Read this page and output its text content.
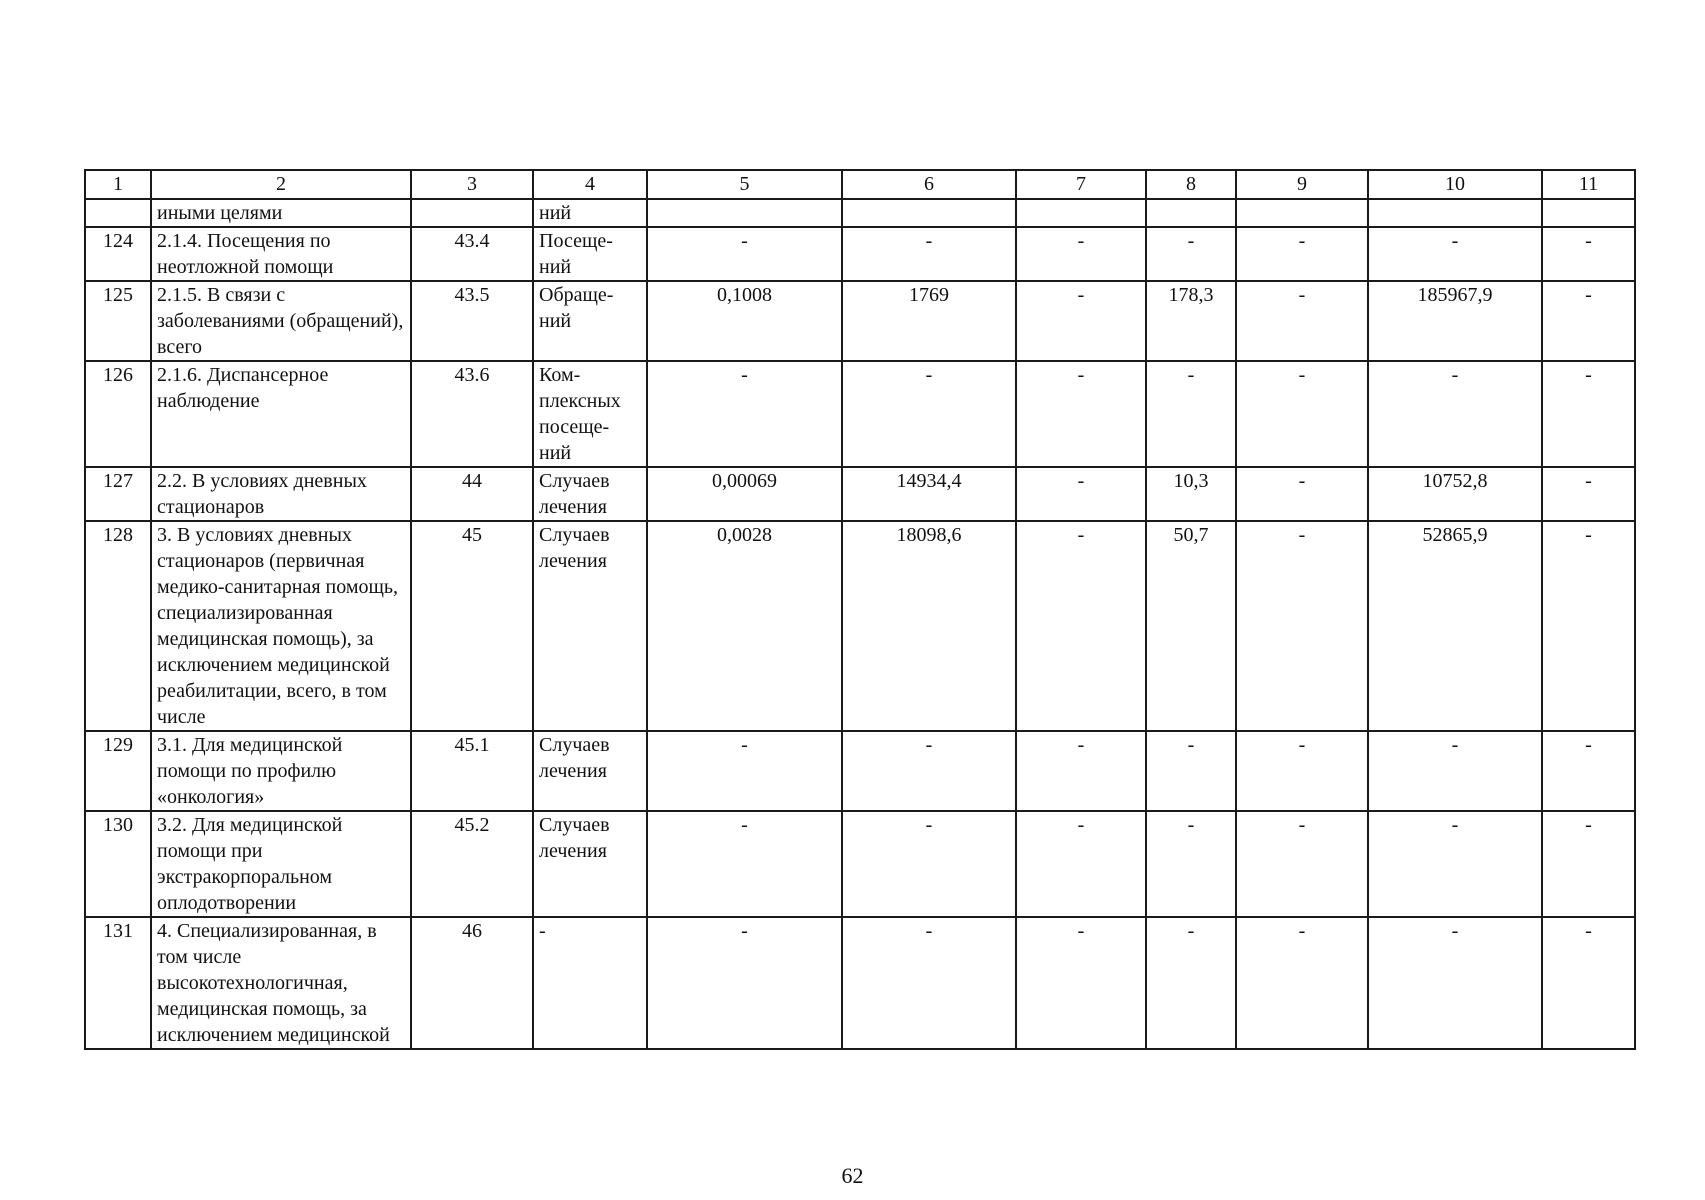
1	2	3	4	5	6	7	8	9	10	11
	иными целями		ний							
124	2.1.4. Посещения по неотложной помощи	43.4	Посеще-ний	-	-	-	-	-	-	-
125	2.1.5. В связи с заболеваниями (обращений), всего	43.5	Обраще-ний	0,1008	1769	-	178,3	-	185967,9	-
126	2.1.6. Диспансерное наблюдение	43.6	Ком-плексных посеще-ний	-	-	-	-	-	-	-
127	2.2. В условиях дневных стационаров	44	Случаев лечения	0,00069	14934,4	-	10,3	-	10752,8	-
128	3. В условиях дневных стационаров (первичная медико-санитарная помощь, специализированная медицинская помощь), за исключением медицинской реабилитации, всего, в том числе	45	Случаев лечения	0,0028	18098,6	-	50,7	-	52865,9	-
129	3.1. Для медицинской помощи по профилю «онкология»	45.1	Случаев лечения	-	-	-	-	-	-	-
130	3.2. Для медицинской помощи при экстракорпоральном оплодотворении	45.2	Случаев лечения	-	-	-	-	-	-	-
131	4. Специализированная, в том числе высокотехнологичная, медицинская помощь, за исключением медицинской	46	-	-	-	-	-	-	-	-
62
